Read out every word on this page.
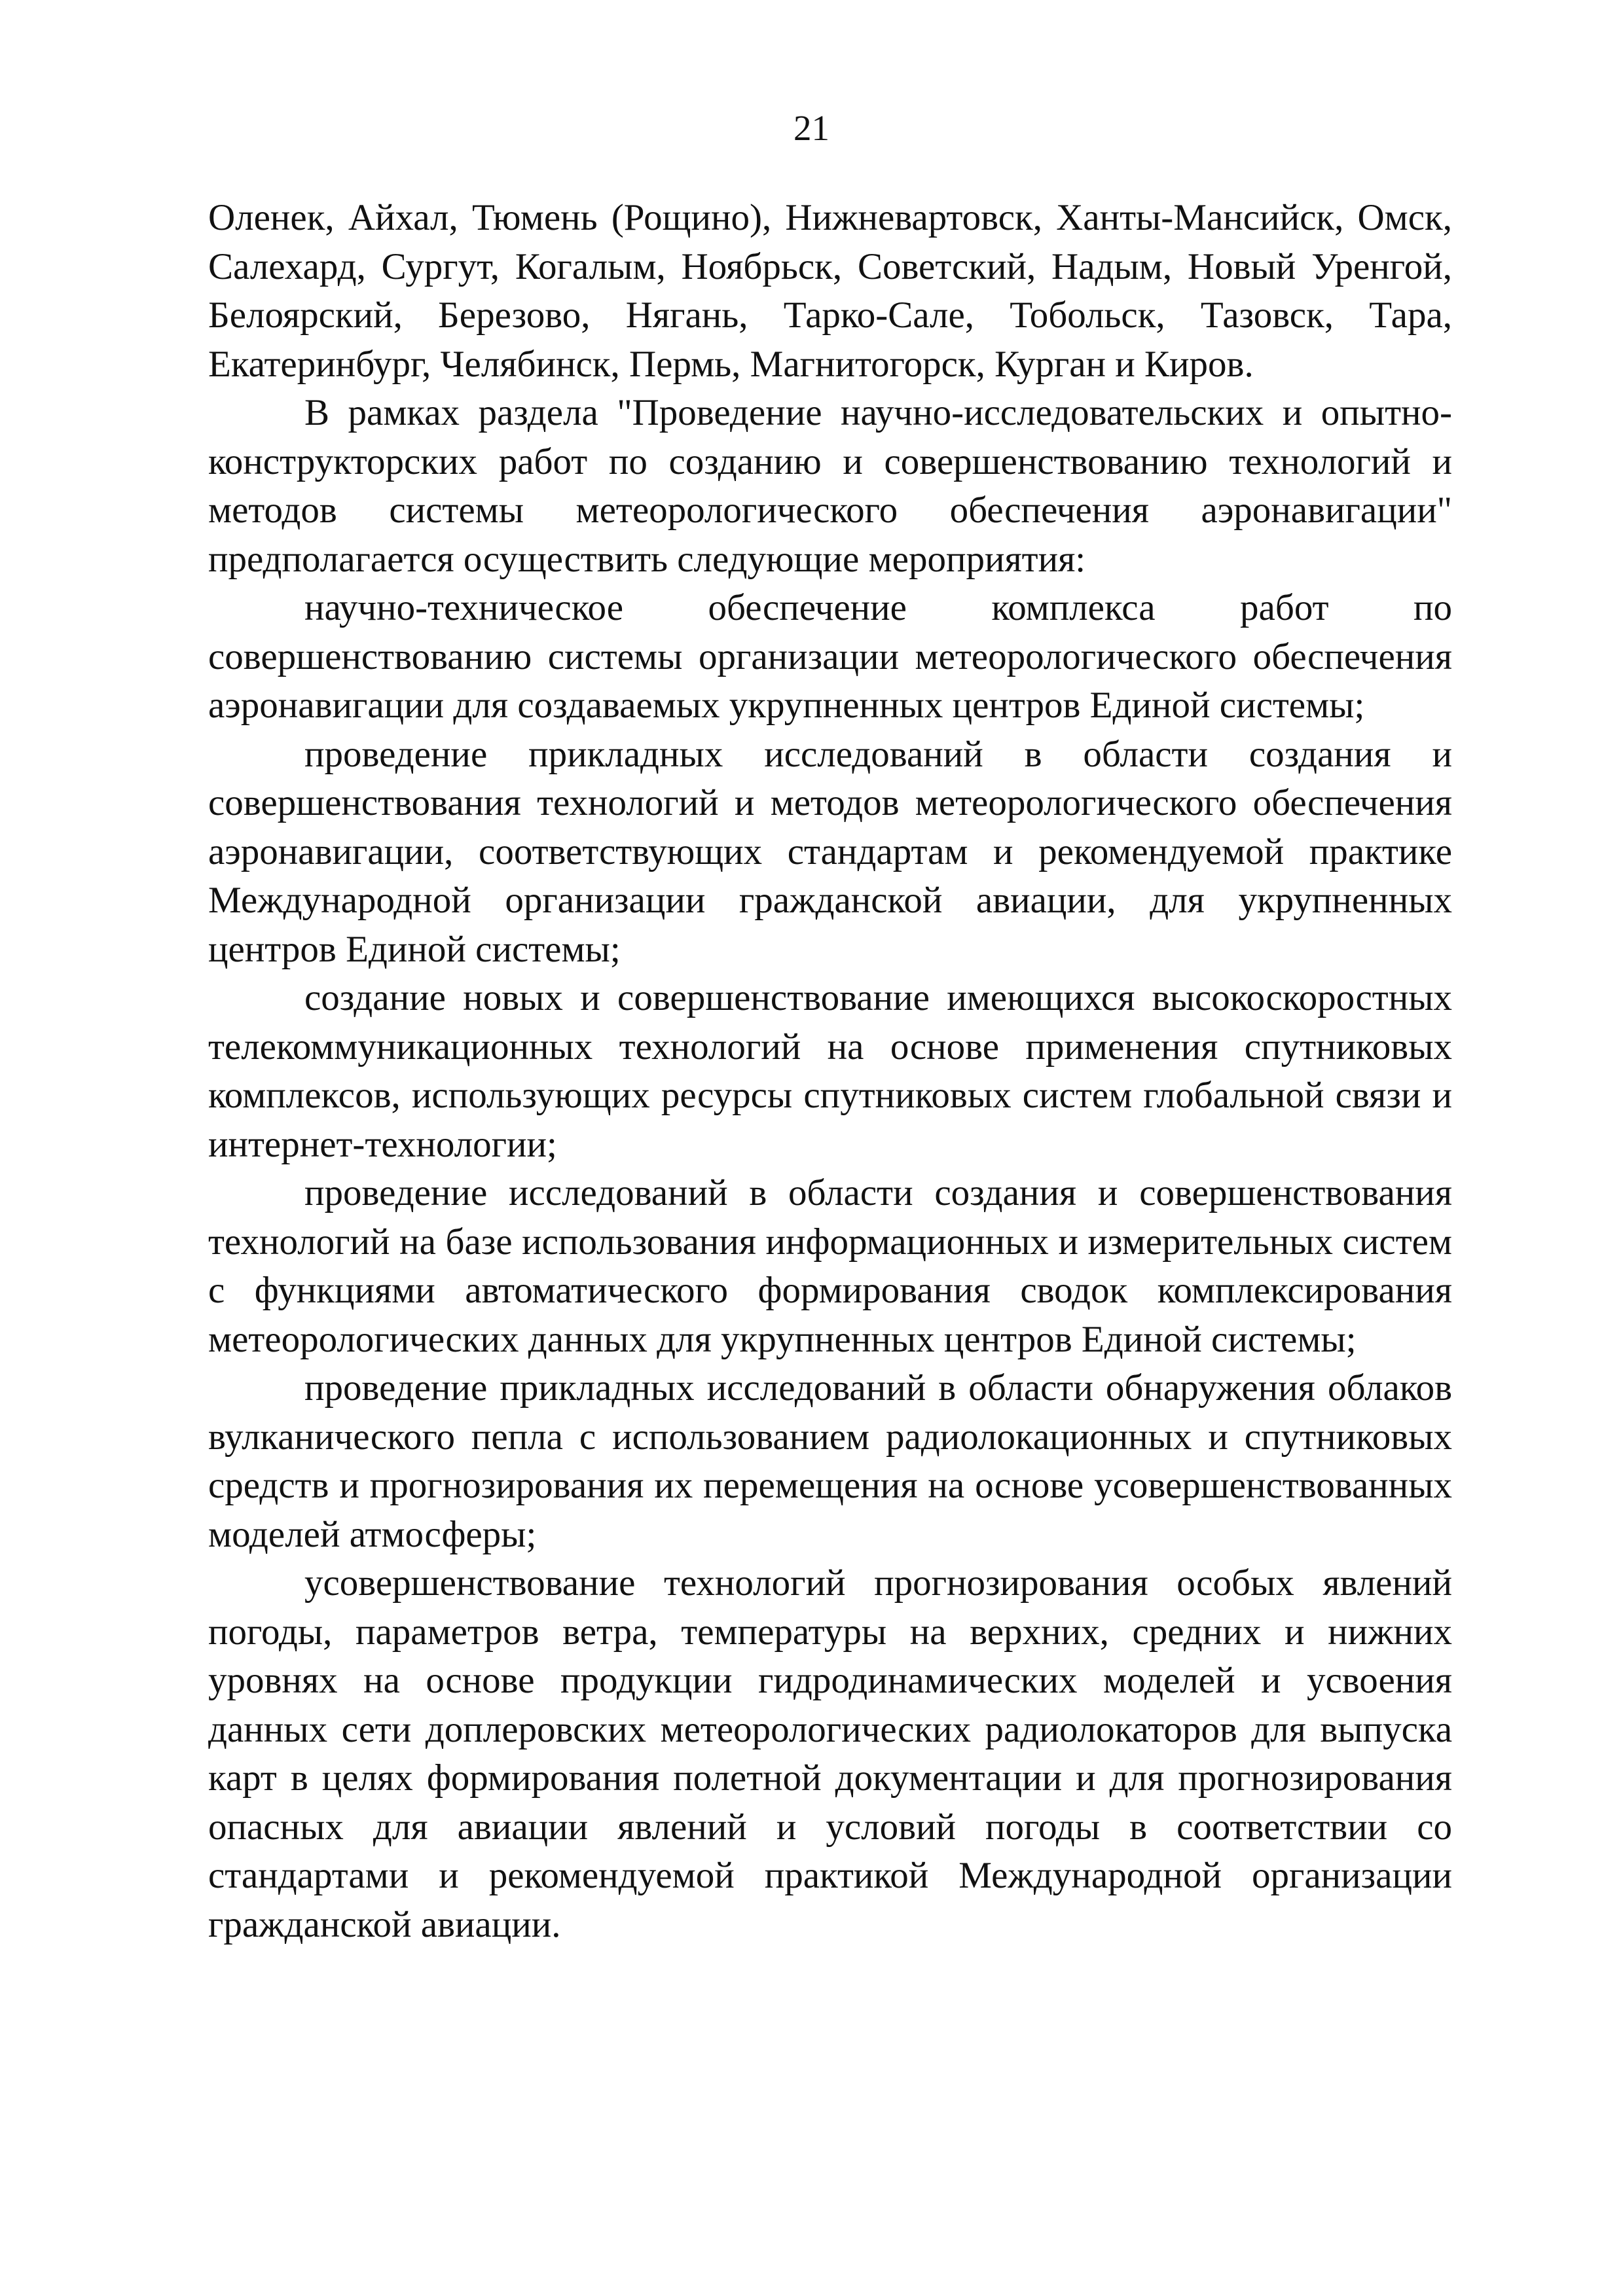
21

Оленек, Айхал, Тюмень (Рощино), Нижневартовск, Ханты-Мансийск, Омск, Салехард, Сургут, Когалым, Ноябрьск, Советский, Надым, Новый Уренгой, Белоярский, Березово, Нягань, Тарко-Сале, Тобольск, Тазовск, Тара, Екатеринбург, Челябинск, Пермь, Магнитогорск, Курган и Киров.

В рамках раздела "Проведение научно-исследовательских и опытно-конструкторских работ по созданию и совершенствованию технологий и методов системы метеорологического обеспечения аэронавигации" предполагается осуществить следующие мероприятия:

научно-техническое обеспечение комплекса работ по совершенствованию системы организации метеорологического обеспечения аэронавигации для создаваемых укрупненных центров Единой системы;

проведение прикладных исследований в области создания и совершенствования технологий и методов метеорологического обеспечения аэронавигации, соответствующих стандартам и рекомендуемой практике Международной организации гражданской авиации, для укрупненных центров Единой системы;

создание новых и совершенствование имеющихся высокоскоростных телекоммуникационных технологий на основе применения спутниковых комплексов, использующих ресурсы спутниковых систем глобальной связи и интернет-технологии;

проведение исследований в области создания и совершенствования технологий на базе использования информационных и измерительных систем с функциями автоматического формирования сводок комплексирования метеорологических данных для укрупненных центров Единой системы;

проведение прикладных исследований в области обнаружения облаков вулканического пепла с использованием радиолокационных и спутниковых средств и прогнозирования их перемещения на основе усовершенствованных моделей атмосферы;

усовершенствование технологий прогнозирования особых явлений погоды, параметров ветра, температуры на верхних, средних и нижних уровнях на основе продукции гидродинамических моделей и усвоения данных сети доплеровских метеорологических радиолокаторов для выпуска карт в целях формирования полетной документации и для прогнозирования опасных для авиации явлений и условий погоды в соответствии со стандартами и рекомендуемой практикой Международной организации гражданской авиации.
